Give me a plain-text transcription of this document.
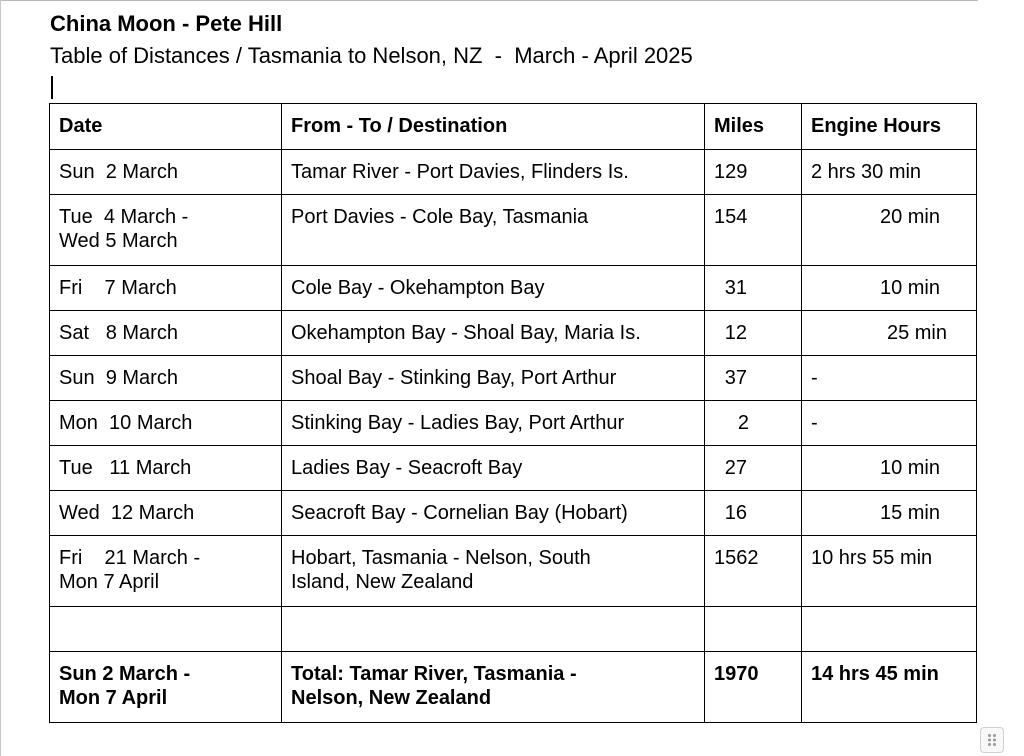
China Moon - Pete Hill
Table of Distances / Tasmania to Nelson, NZ  -  March - April 2025
Date	From - To / Destination	Miles	Engine Hours
Sun  2 March	Tamar River - Port Davies, Flinders Is.	129	2 hrs 30 min
Tue  4 March -
Wed 5 March	Port Davies - Cole Bay, Tasmania	154	20 min
Fri    7 March	Cole Bay - Okehampton Bay	31	10 min
Sat   8 March	Okehampton Bay - Shoal Bay, Maria Is.	12	25 min
Sun  9 March	Shoal Bay - Stinking Bay, Port Arthur	37	-
Mon  10 March	Stinking Bay - Ladies Bay, Port Arthur	2	-
Tue   11 March	Ladies Bay - Seacroft Bay	27	10 min
Wed  12 March	Seacroft Bay - Cornelian Bay (Hobart)	16	15 min
Fri    21 March -
Mon 7 April	Hobart, Tasmania - Nelson, South
Island, New Zealand	1562	10 hrs 55 min

Sun 2 March -
Mon 7 April	Total: Tamar River, Tasmania -
Nelson, New Zealand	1970	14 hrs 45 min
